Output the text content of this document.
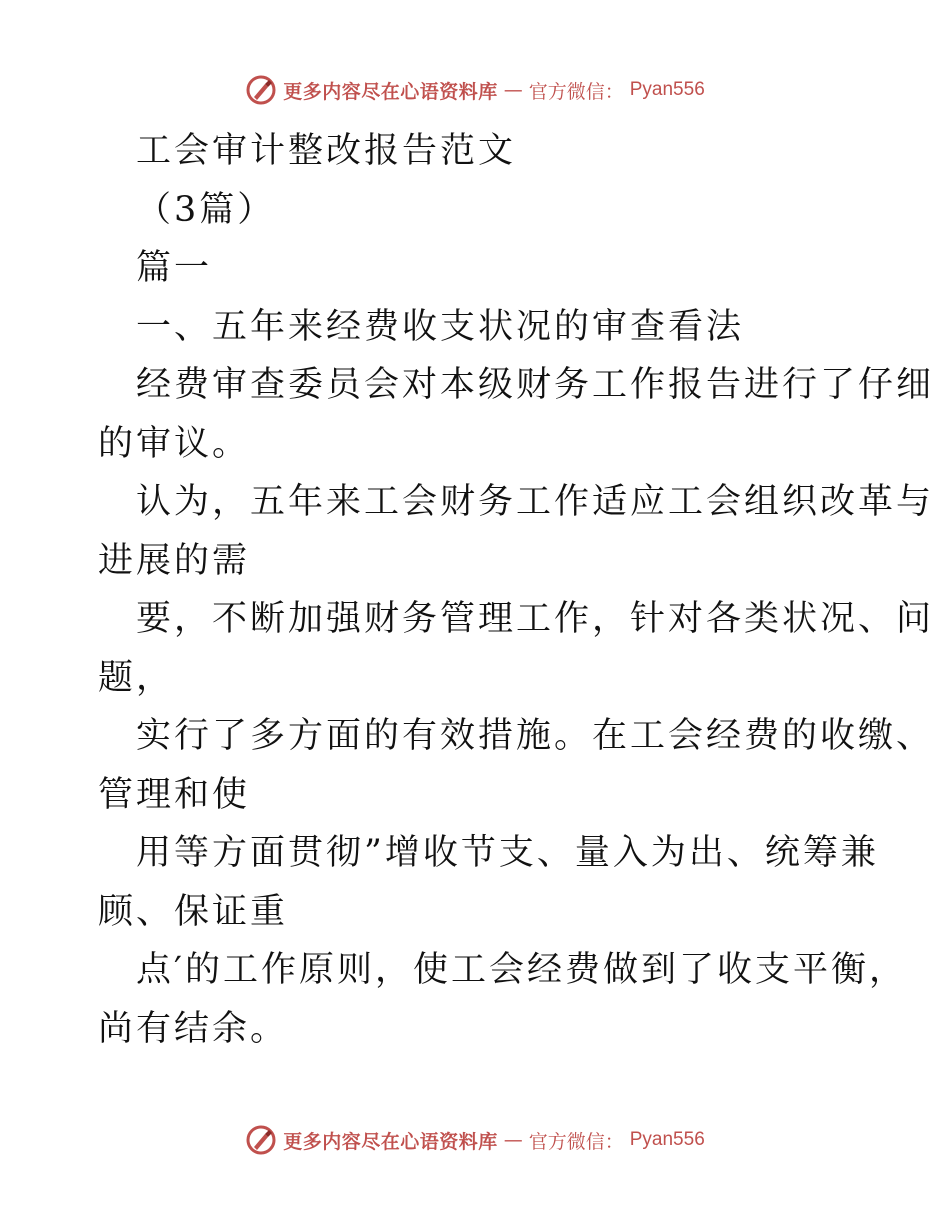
更多内容尽在心语资料库 — 官方微信： Pyan556
工会审计整改报告范文
（3篇）
篇一
一、五年来经费收支状况的审查看法
经费审查委员会对本级财务工作报告进行了仔细
的审议。
认为，五年来工会财务工作适应工会组织改革与
进展的需
要，不断加强财务管理工作，针对各类状况、问
题，
实行了多方面的有效措施。在工会经费的收缴、
管理和使
用等方面贯彻”增收节支、量入为出、统筹兼
顾、保证重
点′的工作原则，使工会经费做到了收支平衡，
尚有结余。
更多内容尽在心语资料库 — 官方微信： Pyan556
